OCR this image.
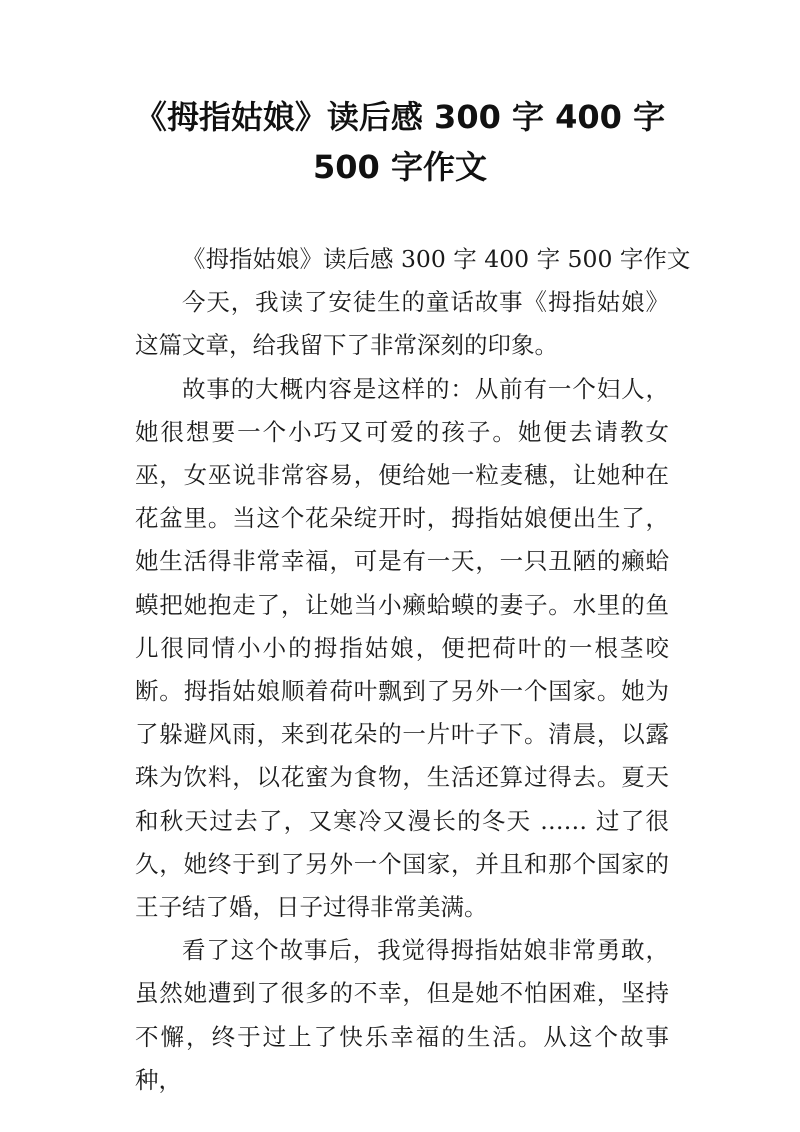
《拇指姑娘》读后感 300 字 400 字
500 字作文

《拇指姑娘》读后感 300 字 400 字 500 字作文

今天，我读了安徒生的童话故事《拇指姑娘》这篇文章，给我留下了非常深刻的印象。

故事的大概内容是这样的：从前有一个妇人，她很想要一个小巧又可爱的孩子。她便去请教女巫，女巫说非常容易，便给她一粒麦穗，让她种在花盆里。当这个花朵绽开时，拇指姑娘便出生了，她生活得非常幸福，可是有一天，一只丑陋的癞蛤蟆把她抱走了，让她当小癞蛤蟆的妻子。水里的鱼儿很同情小小的拇指姑娘，便把荷叶的一根茎咬断。拇指姑娘顺着荷叶飘到了另外一个国家。她为了躲避风雨，来到花朵的一片叶子下。清晨，以露珠为饮料，以花蜜为食物，生活还算过得去。夏天和秋天过去了，又寒冷又漫长的冬天 …… 过了很久，她终于到了另外一个国家，并且和那个国家的王子结了婚，日子过得非常美满。

看了这个故事后，我觉得拇指姑娘非常勇敢，虽然她遭到了很多的不幸，但是她不怕困难，坚持不懈，终于过上了快乐幸福的生活。从这个故事种，
